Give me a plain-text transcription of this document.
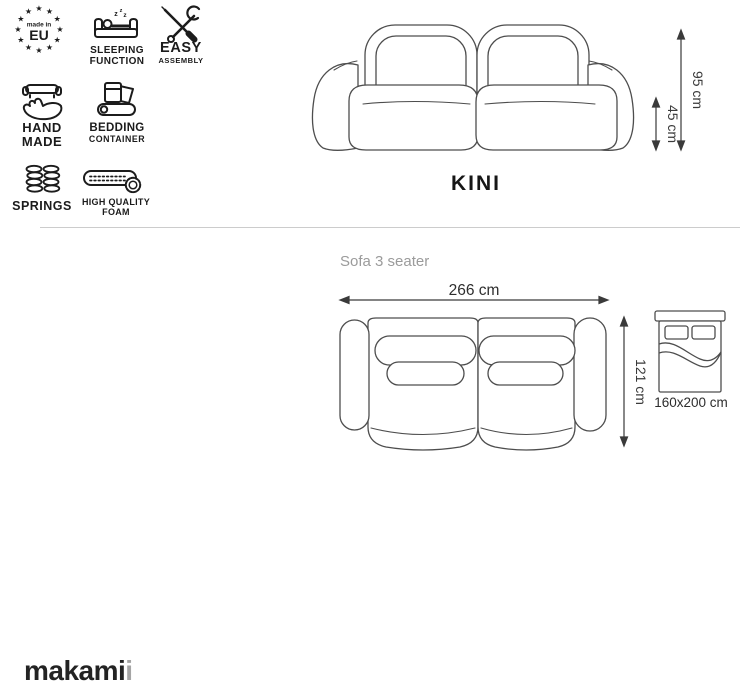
★ ★
★
★
★
★
★
★
★
★
★
★
made in
EU
z z
z
SLEEPING
FUNCTION
EASY
ASSEMBLY
HAND
MADE
BEDDING
CONTAINER
SPRINGS	HIGH QUALITY
FOAM
95 cm
45 cm
KINI
Sofa 3 seater
266 cm
121 cm 160x200 cm
makamii
